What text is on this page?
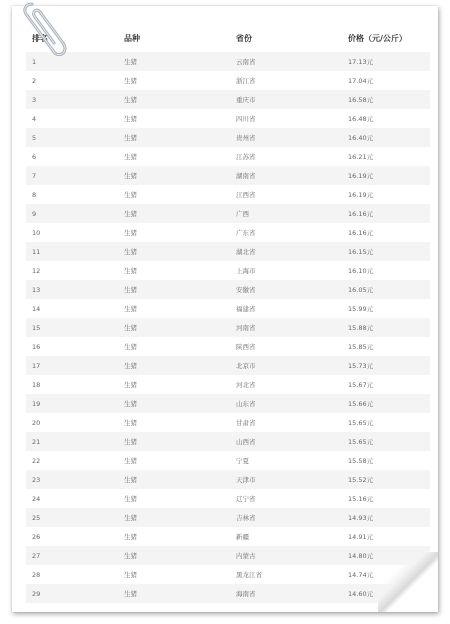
排名	品种	省份	价格（元/公斤）
1	生猪	云南省	17.13元
2	生猪	浙江省	17.04元
3	生猪	重庆市	16.58元
4	生猪	四川省	16.48元
5	生猪	贵州省	16.40元
6	生猪	江苏省	16.21元
7	生猪	湖南省	16.19元
8	生猪	江西省	16.19元
9	生猪	广西	16.16元
10	生猪	广东省	16.16元
11	生猪	湖北省	16.15元
12	生猪	上海市	16.10元
13	生猪	安徽省	16.05元
14	生猪	福建省	15.99元
15	生猪	河南省	15.88元
16	生猪	陕西省	15.85元
17	生猪	北京市	15.73元
18	生猪	河北省	15.67元
19	生猪	山东省	15.66元
20	生猪	甘肃省	15.65元
21	生猪	山西省	15.65元
22	生猪	宁夏	15.58元
23	生猪	天津市	15.52元
24	生猪	辽宁省	15.16元
25	生猪	吉林省	14.93元
26	生猪	新疆	14.91元
27	生猪	内蒙古	14.80元
28	生猪	黑龙江省	14.74元
29	生猪	海南省	14.60元
